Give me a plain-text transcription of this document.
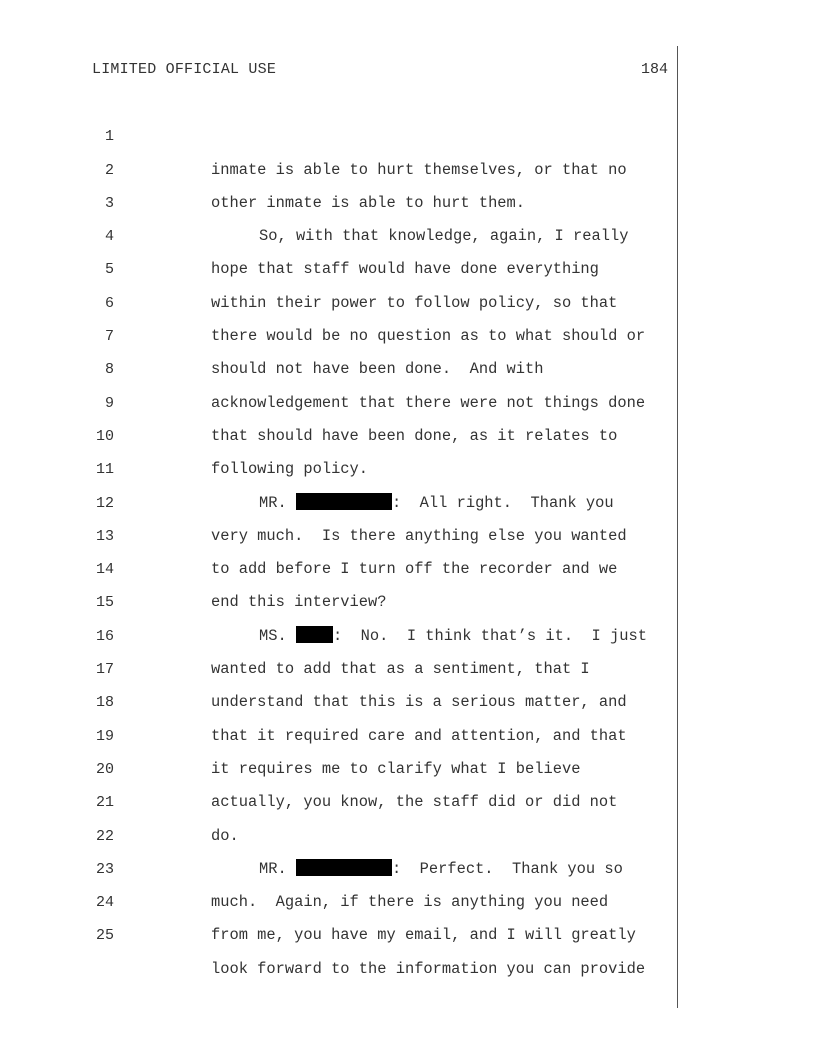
LIMITED OFFICIAL USE	184

1

inmate is able to hurt themselves, or that no

2

other inmate is able to hurt them.

3

So, with that knowledge, again, I really

4

hope that staff would have done everything

5

within their power to follow policy, so that

6

there would be no question as to what should or

7

should not have been done.  And with

8

acknowledgement that there were not things done

9

that should have been done, as it relates to

10

following policy.

11

MR.	:  All right.  Thank you

12

very much.  Is there anything else you wanted

13

to add before I turn off the recorder and we

14

end this interview?

15

MS. :  No.  I think that’s it.  I just

16

wanted to add that as a sentiment, that I

17

understand that this is a serious matter, and

18

that it required care and attention, and that

19

it requires me to clarify what I believe

20

actually, you know, the staff did or did not

21

do.

22

MR.	:  Perfect.  Thank you so

23

much.  Again, if there is anything you need

24

from me, you have my email, and I will greatly

25

look forward to the information you can provide
